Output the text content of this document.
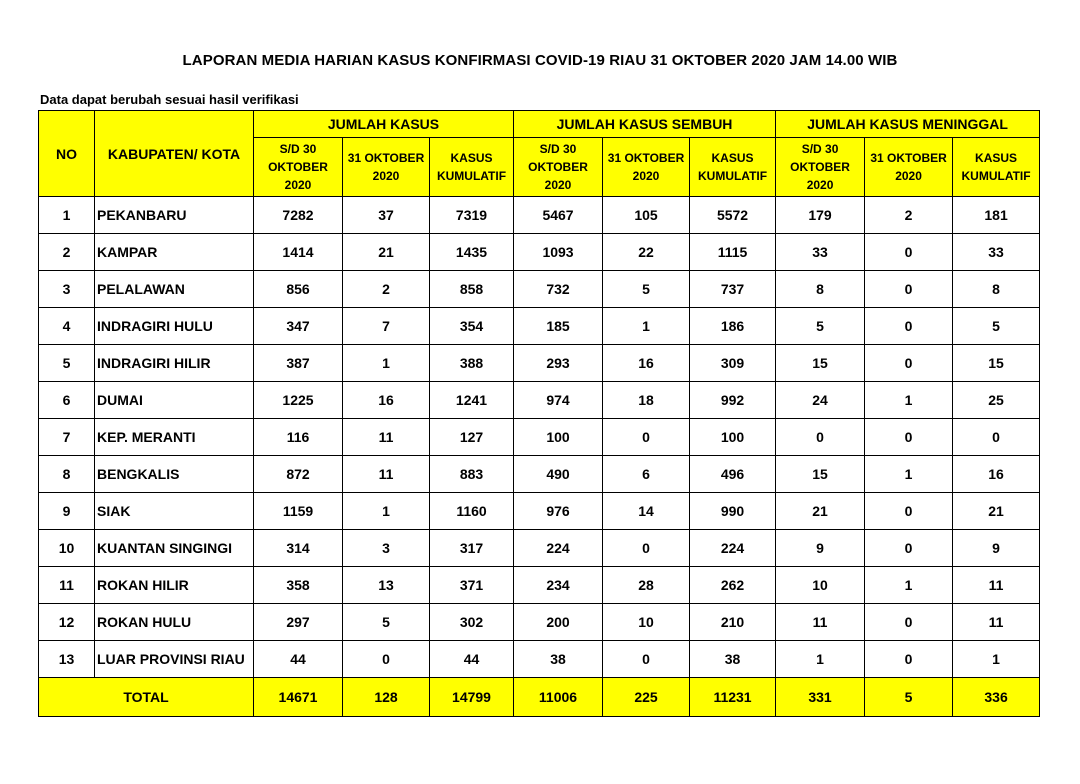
LAPORAN MEDIA HARIAN KASUS KONFIRMASI COVID-19 RIAU 31 OKTOBER 2020 JAM 14.00 WIB
Data dapat berubah sesuai hasil verifikasi
NO	KABUPATEN/ KOTA	JUMLAH KASUS			JUMLAH KASUS SEMBUH			JUMLAH KASUS MENINGGAL		
		S/D 30 OKTOBER 2020	31 OKTOBER 2020	KASUS KUMULATIF	S/D 30 OKTOBER 2020	31 OKTOBER 2020	KASUS KUMULATIF	S/D 30 OKTOBER 2020	31 OKTOBER 2020	KASUS KUMULATIF
1	PEKANBARU	7282	37	7319	5467	105	5572	179	2	181
2	KAMPAR	1414	21	1435	1093	22	1115	33	0	33
3	PELALAWAN	856	2	858	732	5	737	8	0	8
4	INDRAGIRI HULU	347	7	354	185	1	186	5	0	5
5	INDRAGIRI HILIR	387	1	388	293	16	309	15	0	15
6	DUMAI	1225	16	1241	974	18	992	24	1	25
7	KEP. MERANTI	116	11	127	100	0	100	0	0	0
8	BENGKALIS	872	11	883	490	6	496	15	1	16
9	SIAK	1159	1	1160	976	14	990	21	0	21
10	KUANTAN SINGINGI	314	3	317	224	0	224	9	0	9
11	ROKAN HILIR	358	13	371	234	28	262	10	1	11
12	ROKAN HULU	297	5	302	200	10	210	11	0	11
13	LUAR PROVINSI RIAU	44	0	44	38	0	38	1	0	1
TOTAL		14671	128	14799	11006	225	11231	331	5	336
